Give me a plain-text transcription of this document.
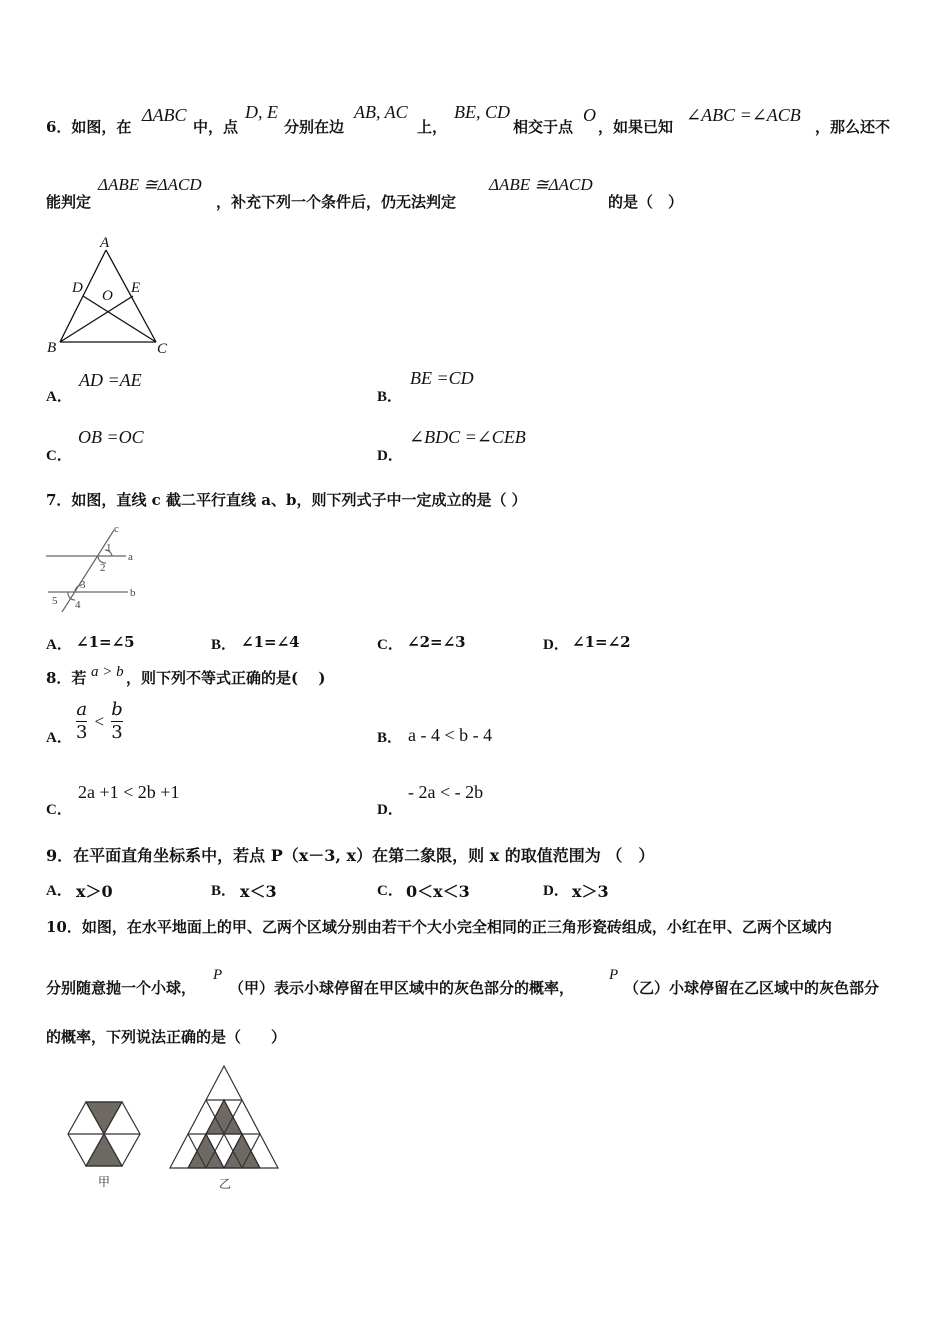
6．如图，在
ΔABC
中，点
D, E
分别在边
AB, AC
上，
BE, CD
相交于点
O
，如果已知
∠ABC =∠ACB
，那么还不
能判定
ΔABE ≅ΔACD
，补充下列一个条件后，仍无法判定
ΔABE ≅ΔACD
的是（　）
A
D O E
B	C
A．
AD =AE
B．
BE =CD
C．
OB =OC
D．
∠BDC =∠CEB
7．如图，直线 c 截二平行直线 a、b，则下列式子中一定成立的是（ ）
c
a
b
1
2
3
4
5
A． ∠1=∠5	B． ∠1=∠4	C． ∠2=∠3	D． ∠1=∠2
8．若 a > b ，则下列不等式正确的是(　 )
A． $\frac{a}{3} < \frac{b}{3}$	B． a - 4 < b - 4
C．
2a +1 < 2b +1
D．
- 2a < - 2b
9．在平面直角坐标系中，若点 P（x－3, x）在第二象限，则 x 的取值范围为 （　）
A． x＞0	B． x＜3	C． 0＜x＜3	D． x＞3
10．如图，在水平地面上的甲、乙两个区域分别由若干个大小完全相同的正三角形瓷砖组成，小红在甲、乙两个区域内
分别随意抛一个小球，
P
（甲）表示小球停留在甲区域中的灰色部分的概率，
P
（乙）小球停留在乙区域中的灰色部分
的概率，下列说法正确的是（　　）
甲	乙
